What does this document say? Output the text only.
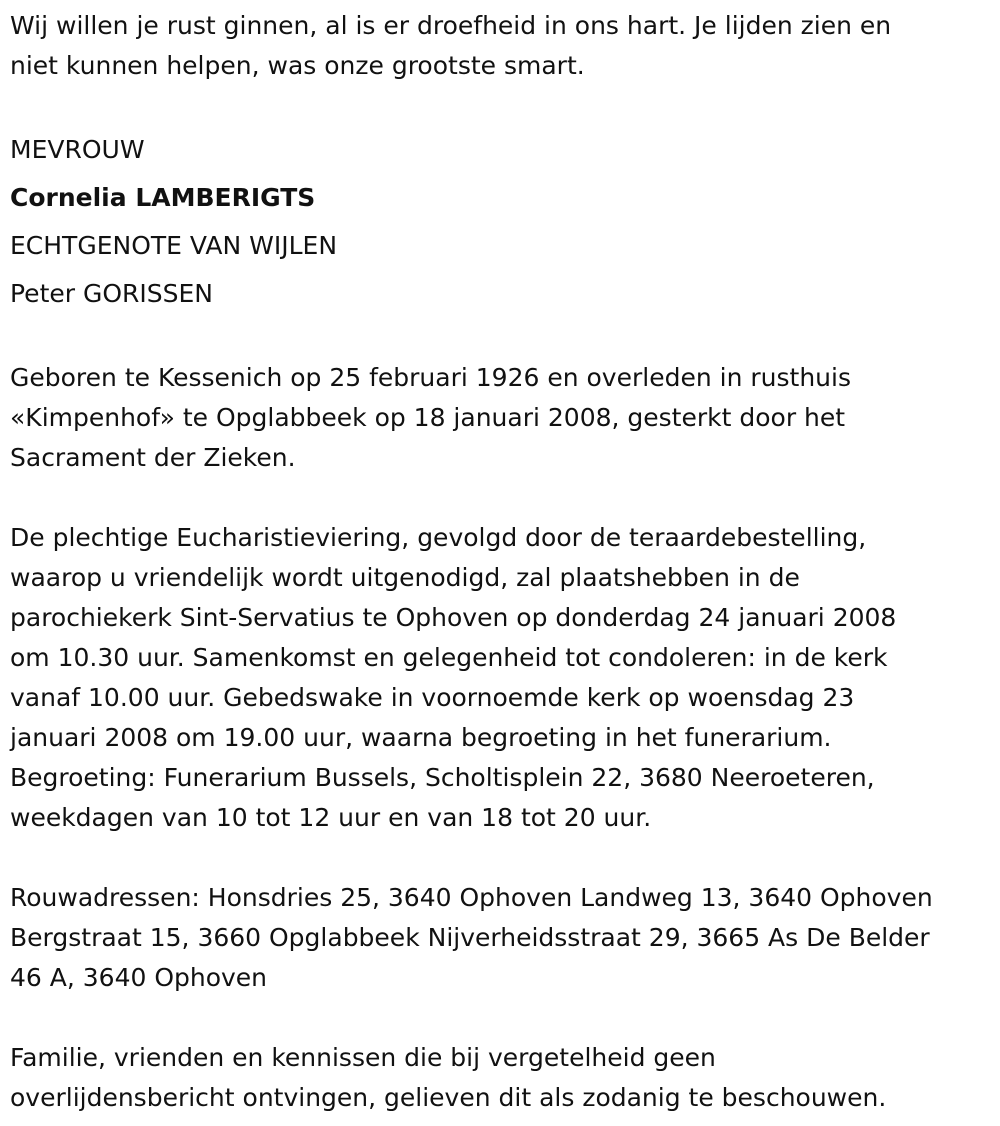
Wij willen je rust ginnen, al is er droefheid in ons hart. Je lijden zien en
niet kunnen helpen, was onze grootste smart.
MEVROUW
Cornelia LAMBERIGTS
ECHTGENOTE VAN WIJLEN
Peter GORISSEN
Geboren te Kessenich op 25 februari 1926 en overleden in rusthuis
«Kimpenhof» te Opglabbeek op 18 januari 2008, gesterkt door het
Sacrament der Zieken.
De plechtige Eucharistieviering, gevolgd door de teraardebestelling,
waarop u vriendelijk wordt uitgenodigd, zal plaatshebben in de
parochiekerk Sint-Servatius te Ophoven op donderdag 24 januari 2008
om 10.30 uur. Samenkomst en gelegenheid tot condoleren: in de kerk
vanaf 10.00 uur. Gebedswake in voornoemde kerk op woensdag 23
januari 2008 om 19.00 uur, waarna begroeting in het funerarium.
Begroeting: Funerarium Bussels, Scholtisplein 22, 3680 Neeroeteren,
weekdagen van 10 tot 12 uur en van 18 tot 20 uur.
Rouwadressen: Honsdries 25, 3640 Ophoven Landweg 13, 3640 Ophoven
Bergstraat 15, 3660 Opglabbeek Nijverheidsstraat 29, 3665 As De Belder
46 A, 3640 Ophoven
Familie, vrienden en kennissen die bij vergetelheid geen
overlijdensbericht ontvingen, gelieven dit als zodanig te beschouwen.
